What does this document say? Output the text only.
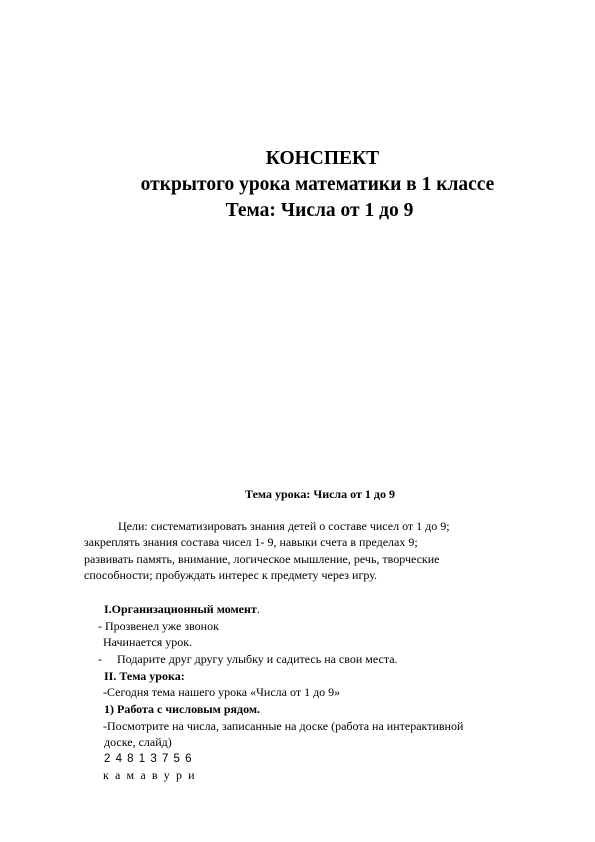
КОНСПЕКТ
открытого урока математики в 1 классе
Тема: Числа от 1 до 9
Тема урока: Числа от 1 до 9
Цели: систематизировать знания детей о составе чисел от 1 до 9;
закреплять знания состава чисел 1- 9, навыки счета в пределах 9;
развивать память, внимание, логическое мышление, речь, творческие
способности; пробуждать интерес к предмету через игру.
I.Организационный момент.
- Прозвенел уже звонок
Начинается урок.
- Подарите друг другу улыбку и садитесь на свои места.
II. Тема урока:
-Сегодня тема нашего урока «Числа от 1 до 9»
1) Работа с числовым рядом.
-Посмотрите на числа, записанные на доске (работа на интерактивной
доске, слайд)
2 4 8 1 3 7 5 6
к а м а в у р и
